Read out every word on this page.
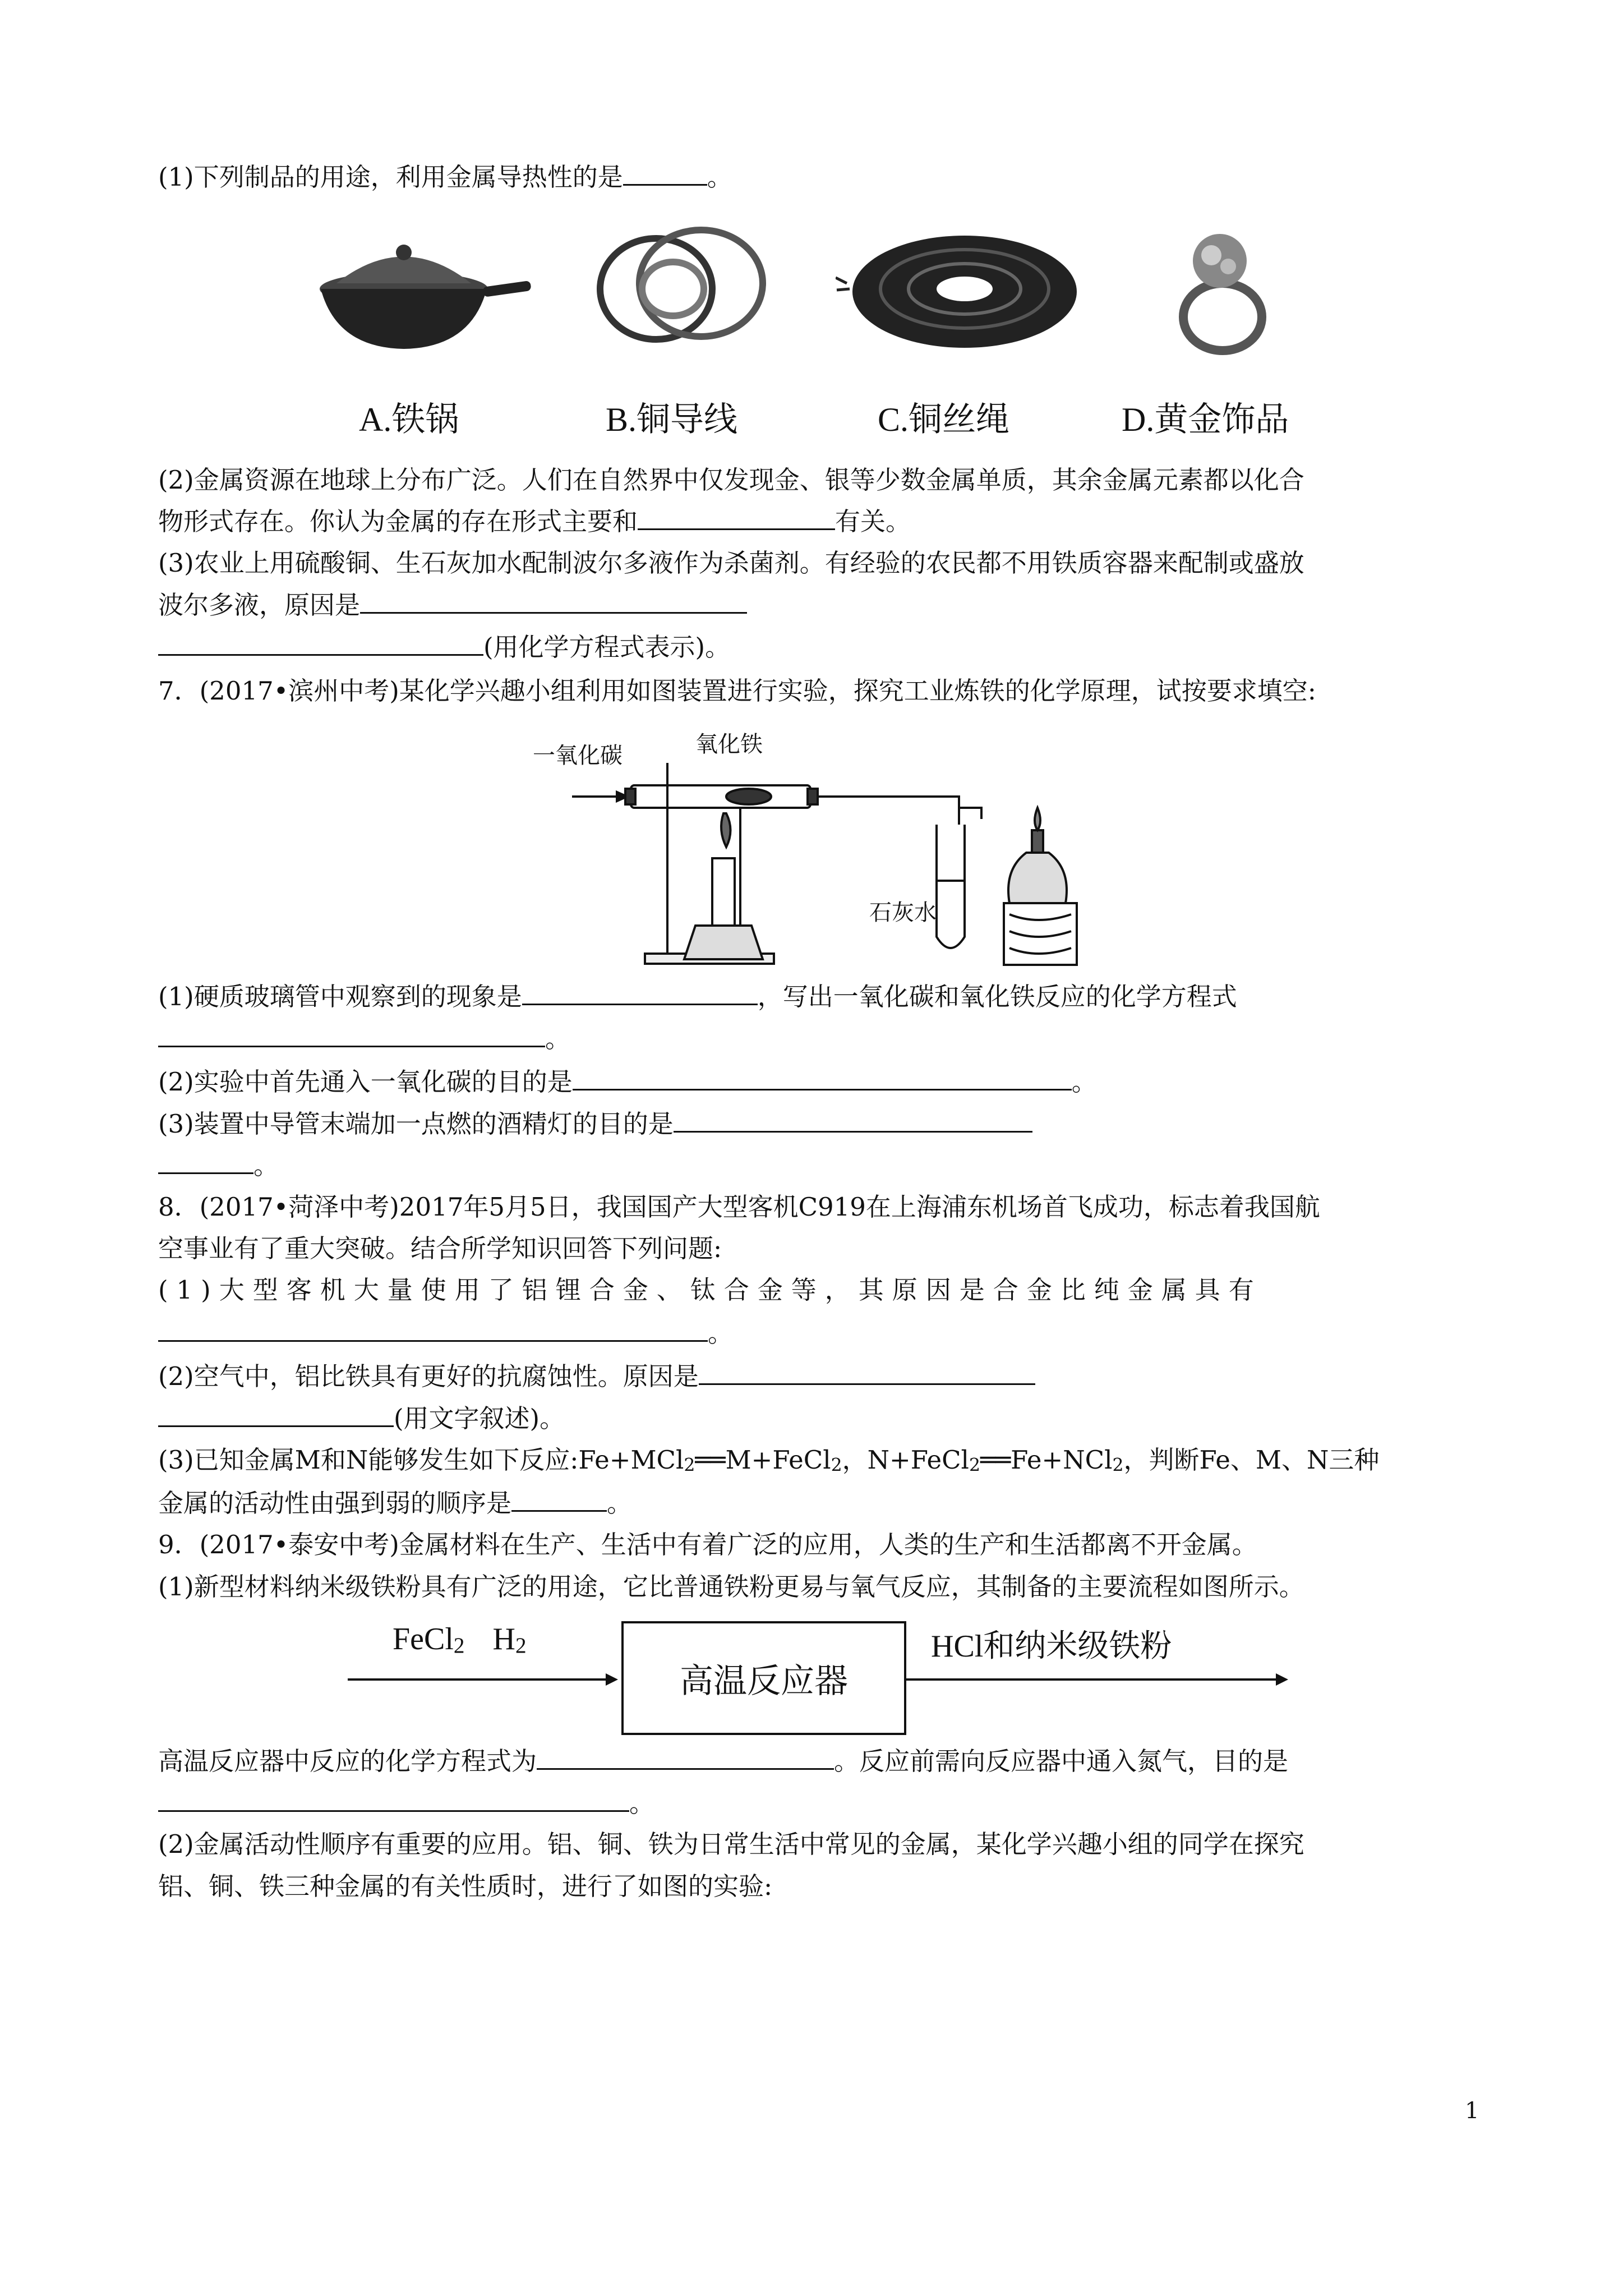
(1)下列制品的用途，利用金属导热性的是	。
A.铁锅	B.铜导线	C.铜丝绳	D.黄金饰品
(2)金属资源在地球上分布广泛。人们在自然界中仅发现金、银等少数金属单质，其余金属元素都以化合
物形式存在。你认为金属的存在形式主要和	有关。
(3)农业上用硫酸铜、生石灰加水配制波尔多液作为杀菌剂。有经验的农民都不用铁质容器来配制或盛放
波尔多液，原因是
(用化学方程式表示)。
7．(2017•滨州中考)某化学兴趣小组利用如图装置进行实验，探究工业炼铁的化学原理，试按要求填空:
一氧化碳	氧化铁
石灰水
(1)硬质玻璃管中观察到的现象是	，写出一氧化碳和氧化铁反应的化学方程式
。
(2)实验中首先通入一氧化碳的目的是	。
(3)装置中导管末端加一点燃的酒精灯的目的是
。
8．(2017•菏泽中考)2017年5月5日，我国国产大型客机C919在上海浦东机场首飞成功，标志着我国航
空事业有了重大突破。结合所学知识回答下列问题:
(1)大型客机大量使用了铝锂合金、钛合金等，其原因是合金比纯金属具有
。
(2)空气中，铝比铁具有更好的抗腐蚀性。原因是
(用文字叙述)。
(3)已知金属M和N能够发生如下反应:Fe+MCl$_2$══M+FeCl$_2$，N+FeCl$_2$══Fe+NCl$_2$，判断Fe、M、N三种
金属的活动性由强到弱的顺序是	。
9．(2017•泰安中考)金属材料在生产、生活中有着广泛的应用，人类的生产和生活都离不开金属。
(1)新型材料纳米级铁粉具有广泛的用途，它比普通铁粉更易与氧气反应，其制备的主要流程如图所示。
FeCl$_2$ $H_2$
高温反应器
HCl和纳米级铁粉
高温反应器中反应的化学方程式为	。反应前需向反应器中通入氮气，目的是
。
(2)金属活动性顺序有重要的应用。铝、铜、铁为日常生活中常见的金属，某化学兴趣小组的同学在探究
铝、铜、铁三种金属的有关性质时，进行了如图的实验:
1
